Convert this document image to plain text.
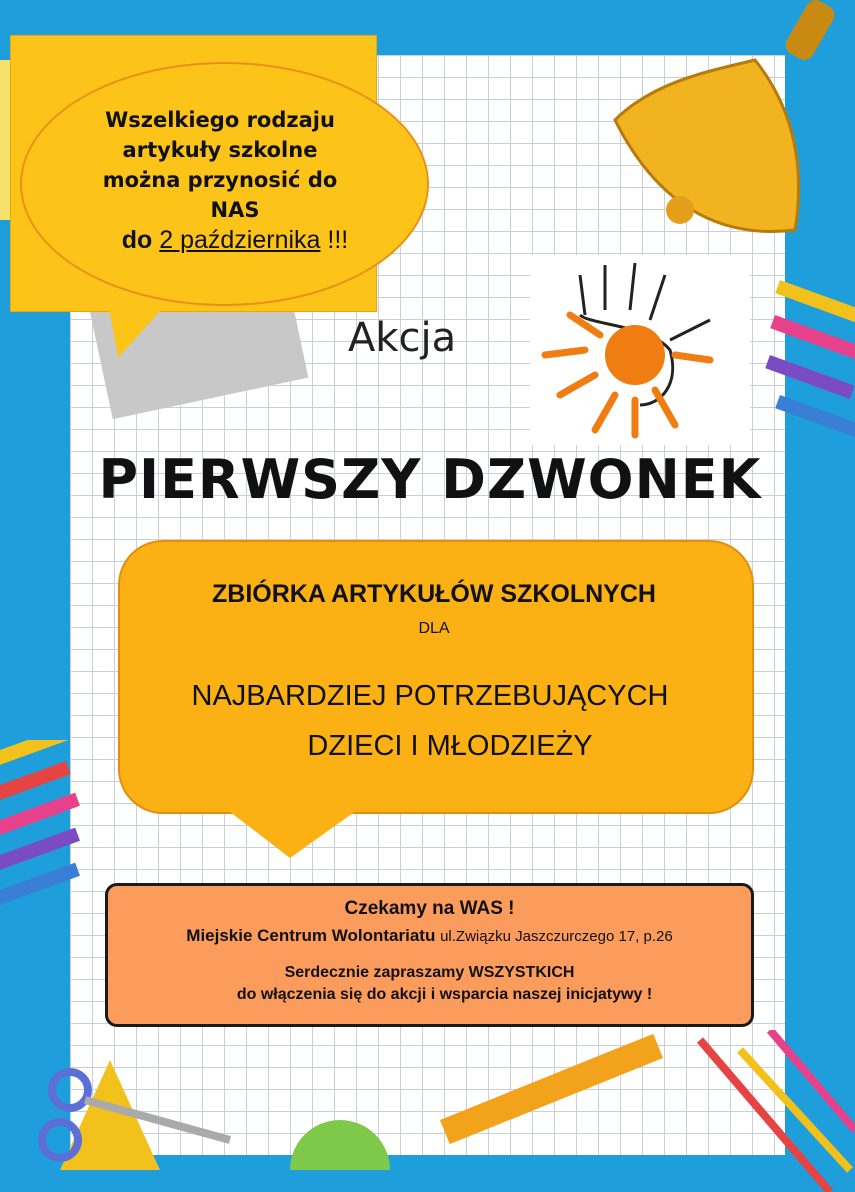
Wszelkiego rodzaju
artykuły szkolne
można przynosić do
NAS
do 2 października !!!
Akcja
PIERWSZY DZWONEK
ZBIÓRKA ARTYKUŁÓW SZKOLNYCH
DLA
NAJBARDZIEJ POTRZEBUJĄCYCH
DZIECI I MŁODZIEŻY
Czekamy na WAS !
Miejskie Centrum Wolontariatu ul.Związku Jaszczurczego 17, p.26
Serdecznie zapraszamy WSZYSTKICH
do włączenia się do akcji i wsparcia naszej inicjatywy !
